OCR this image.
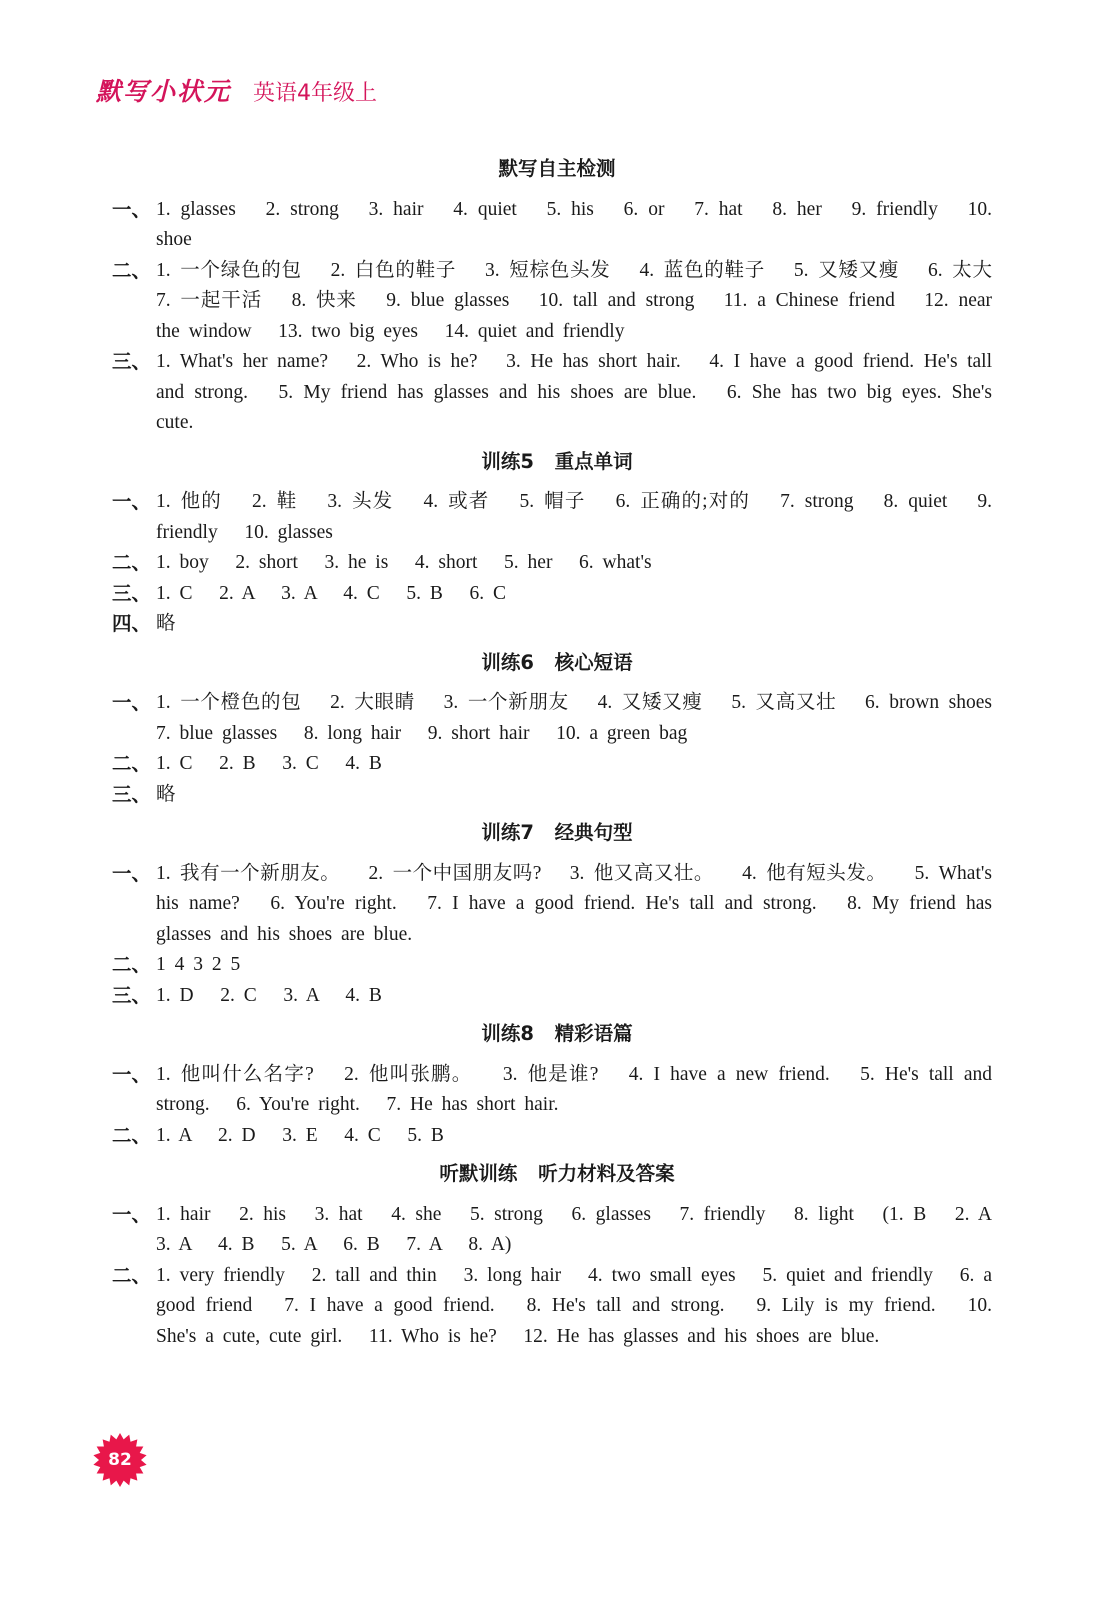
默写小状元 英语4年级上
默写自主检测
一、 1. glasses   2. strong   3. hair   4. quiet   5. his   6. or   7. hat   8. her   9. friendly   10. shoe
二、 1. 一个绿色的包   2. 白色的鞋子   3. 短棕色头发   4. 蓝色的鞋子   5. 又矮又瘦   6. 太大   7. 一起干活   8. 快来   9. blue glasses   10. tall and strong   11. a Chinese friend   12. near the window   13. two big eyes   14. quiet and friendly
三、 1. What's her name?   2. Who is he?   3. He has short hair.   4. I have a good friend. He's tall and strong.   5. My friend has glasses and his shoes are blue.   6. She has two big eyes. She's cute.
训练5 重点单词
一、 1. 他的   2. 鞋   3. 头发   4. 或者   5. 帽子   6. 正确的;对的   7. strong   8. quiet   9. friendly   10. glasses
二、 1. boy   2. short   3. he is   4. short   5. her   6. what's
三、 1. C   2. A   3. A   4. C   5. B   6. C
四、 略
训练6 核心短语
一、 1. 一个橙色的包   2. 大眼睛   3. 一个新朋友   4. 又矮又瘦   5. 又高又壮   6. brown shoes   7. blue glasses   8. long hair   9. short hair   10. a green bag
二、 1. C   2. B   3. C   4. B
三、 略
训练7 经典句型
一、 1. 我有一个新朋友。   2. 一个中国朋友吗?   3. 他又高又壮。   4. 他有短头发。   5. What's his name?   6. You're right.   7. I have a good friend. He's tall and strong.   8. My friend has glasses and his shoes are blue.
二、 1 4 3 2 5
三、 1. D   2. C   3. A   4. B
训练8 精彩语篇
一、 1. 他叫什么名字?   2. 他叫张鹏。   3. 他是谁?   4. I have a new friend.   5. He's tall and strong.   6. You're right.   7. He has short hair.
二、 1. A   2. D   3. E   4. C   5. B
听默训练 听力材料及答案
一、 1. hair   2. his   3. hat   4. she   5. strong   6. glasses   7. friendly   8. light   (1. B   2. A   3. A   4. B   5. A   6. B   7. A   8. A)
二、 1. very friendly   2. tall and thin   3. long hair   4. two small eyes   5. quiet and friendly   6. a good friend   7. I have a good friend.   8. He's tall and strong.   9. Lily is my friend.   10. She's a cute, cute girl.   11. Who is he?   12. He has glasses and his shoes are blue.
82
